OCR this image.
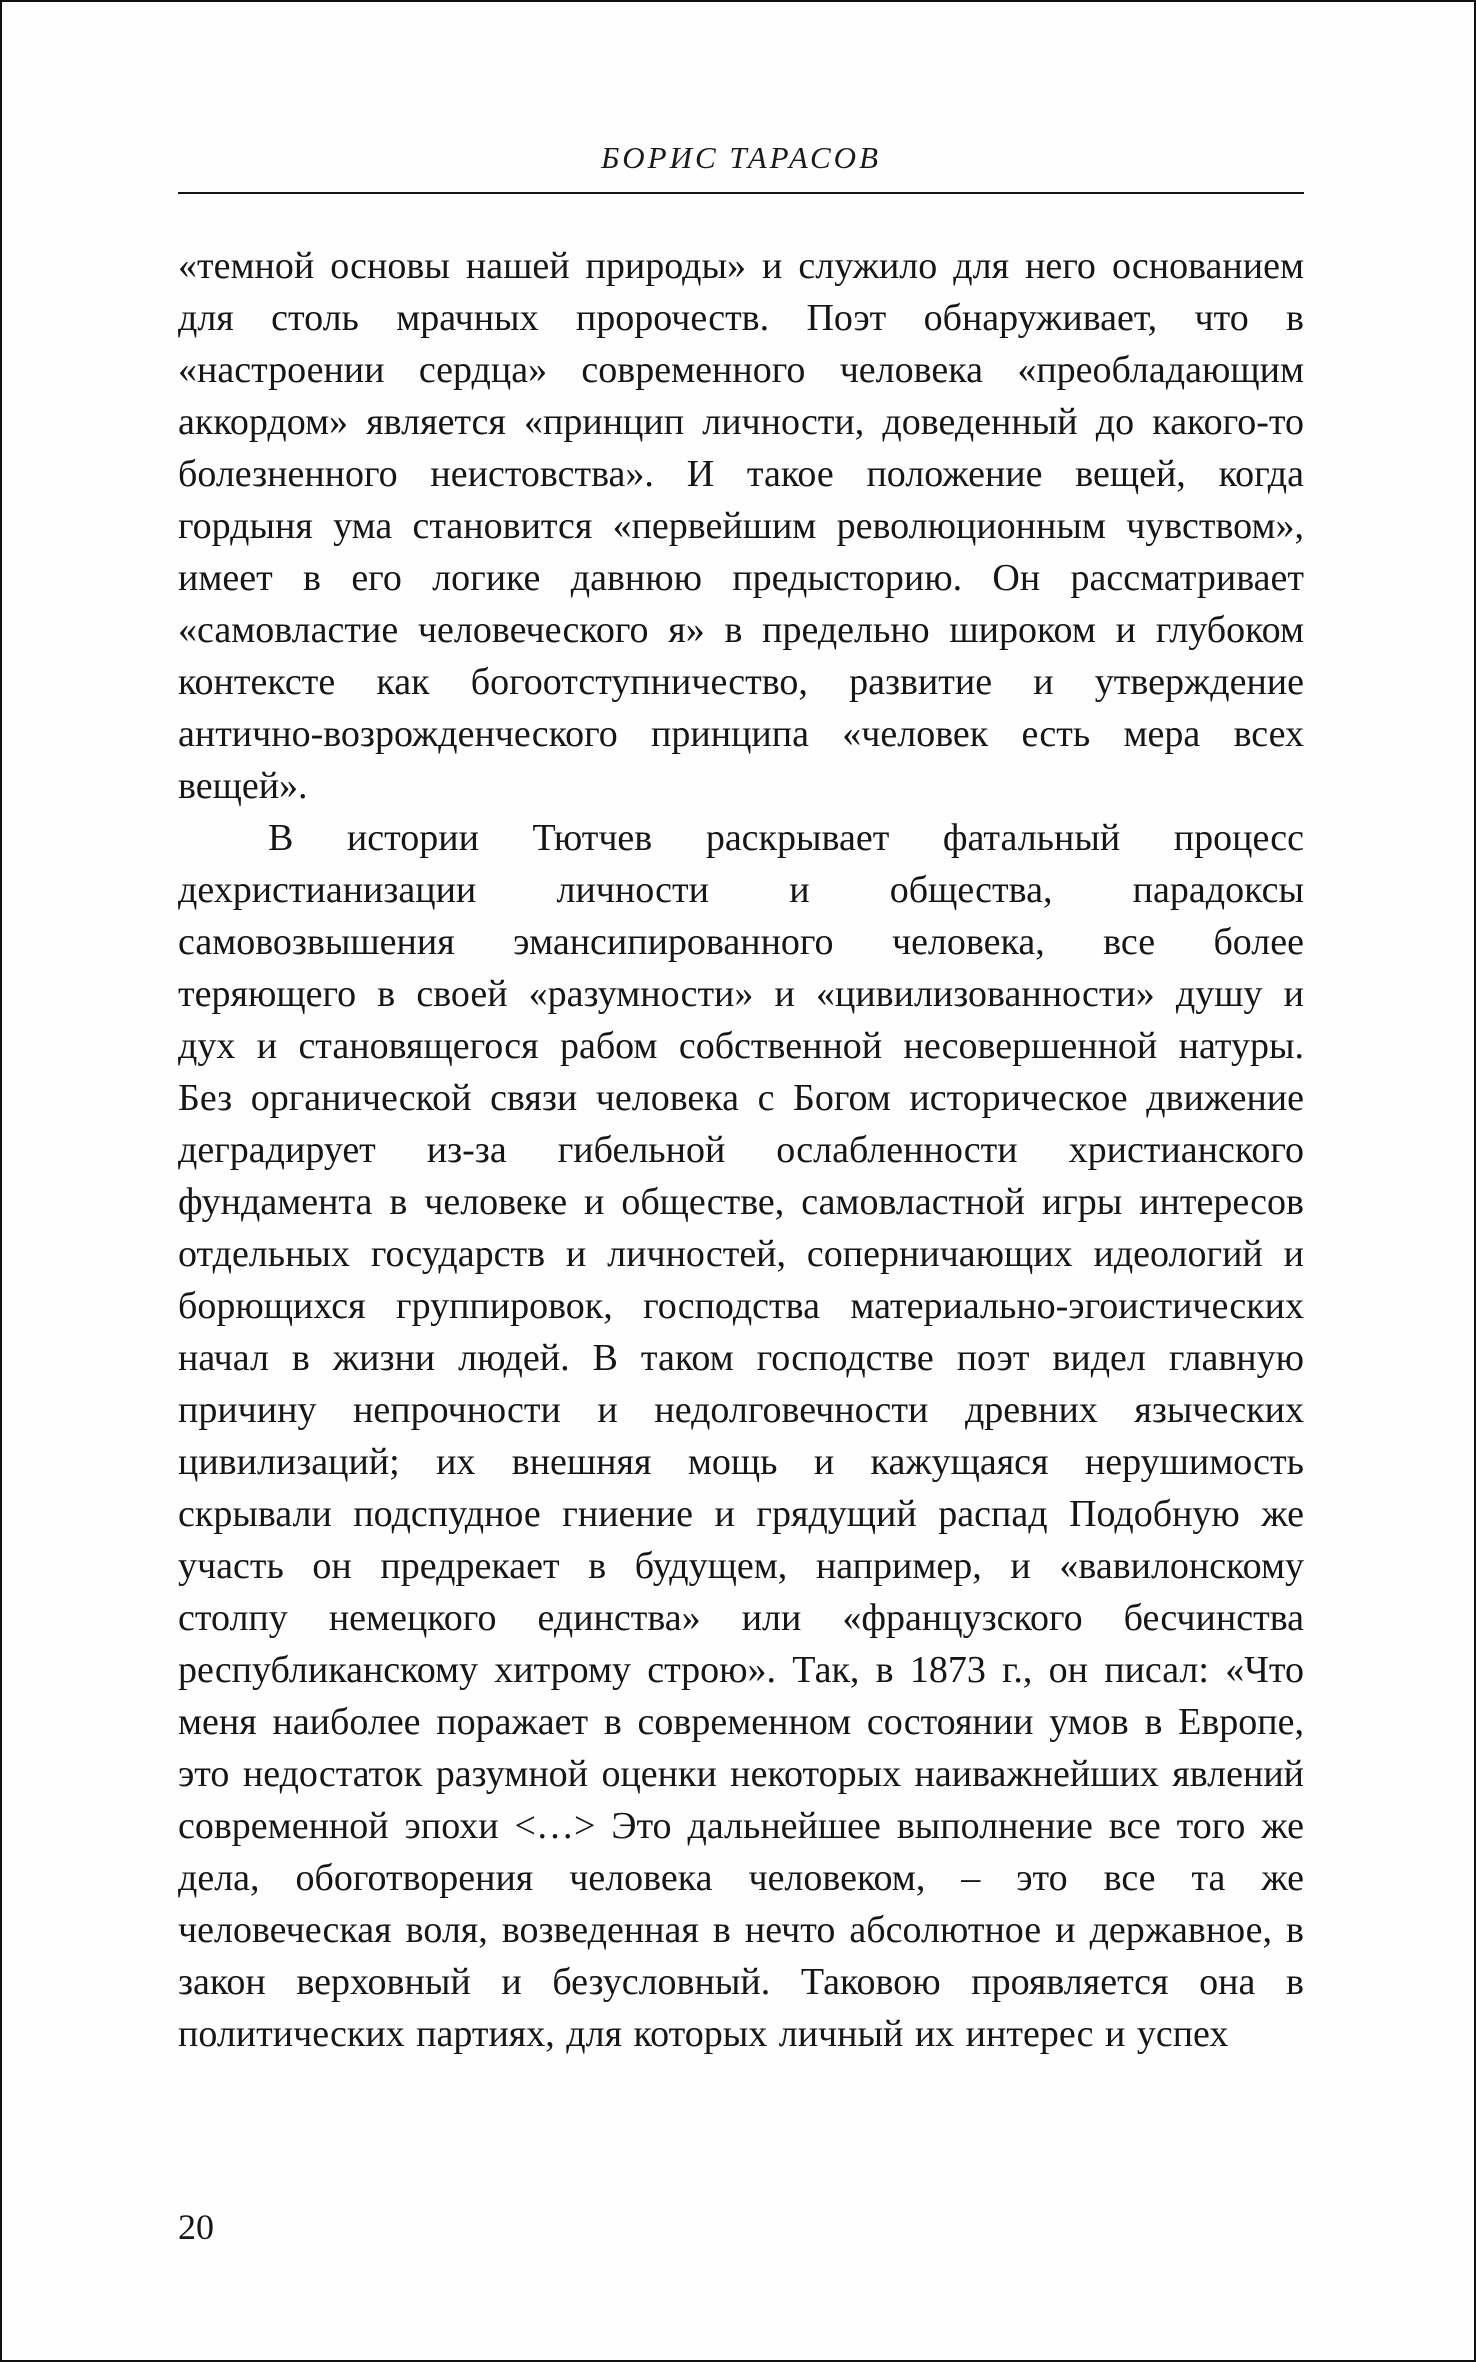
БОРИС ТАРАСОВ

«темной основы нашей природы» и служило для него основанием для столь мрачных пророчеств. Поэт обнаруживает, что в «настроении сердца» современного человека «преобладающим аккордом» является «принцип личности, доведенный до какого-то болезненного неистовства». И такое положение вещей, когда гордыня ума становится «первейшим революционным чувством», имеет в его логике давнюю предысторию. Он рассматривает «самовластие человеческого я» в предельно широком и глубоком контексте как богоотступничество, развитие и утверждение антично-возрожденческого принципа «человек есть мера всех вещей».

В истории Тютчев раскрывает фатальный процесс дехристианизации личности и общества, парадоксы самовозвышения эмансипированного человека, все более теряющего в своей «разумности» и «цивилизованности» душу и дух и становящегося рабом собственной несовершенной натуры. Без органической связи человека с Богом историческое движение деградирует из-за гибельной ослабленности христианского фундамента в человеке и обществе, самовластной игры интересов отдельных государств и личностей, соперничающих идеологий и борющихся группировок, господства материально-эгоистических начал в жизни людей. В таком господстве поэт видел главную причину непрочности и недолговечности древних языческих цивилизаций; их внешняя мощь и кажущаяся нерушимость скрывали подспудное гниение и грядущий распад Подобную же участь он предрекает в будущем, например, и «вавилонскому столпу немецкого единства» или «французского бесчинства республиканскому хитрому строю». Так, в 1873 г., он писал: «Что меня наиболее поражает в современном состоянии умов в Европе, это недостаток разумной оценки некоторых наиважнейших явлений современной эпохи <…> Это дальнейшее выполнение все того же дела, обоготворения человека человеком, – это все та же человеческая воля, возведенная в нечто абсолютное и державное, в закон верховный и безусловный. Таковою проявляется она в политических партиях, для которых личный их интерес и успех

20
